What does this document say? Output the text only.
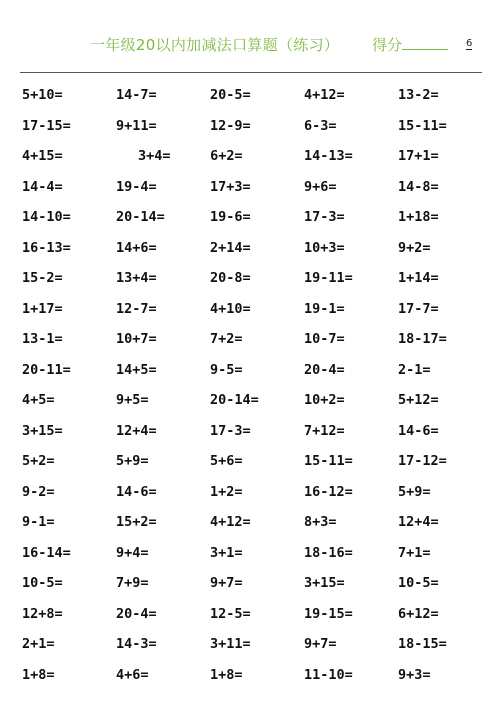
一年级20以内加减法口算题（练习） 得分	6
5+10=	14-7=	20-5=	4+12=	13-2=
17-15=	9+11=	12-9=	6-3=	15-11=
4+15=	3+4=	6+2=	14-13=	17+1=
14-4=	19-4=	17+3=	9+6=	14-8=
14-10=	20-14=	19-6=	17-3=	1+18=
16-13=	14+6=	2+14=	10+3=	9+2=
15-2=	13+4=	20-8=	19-11=	1+14=
1+17=	12-7=	4+10=	19-1=	17-7=
13-1=	10+7=	7+2=	10-7=	18-17=
20-11=	14+5=	9-5=	20-4=	2-1=
4+5=	9+5=	20-14=	10+2=	5+12=
3+15=	12+4=	17-3=	7+12=	14-6=
5+2=	5+9=	5+6=	15-11=	17-12=
9-2=	14-6=	1+2=	16-12=	5+9=
9-1=	15+2=	4+12=	8+3=	12+4=
16-14=	9+4=	3+1=	18-16=	7+1=
10-5=	7+9=	9+7=	3+15=	10-5=
12+8=	20-4=	12-5=	19-15=	6+12=
2+1=	14-3=	3+11=	9+7=	18-15=
1+8=	4+6=	1+8=	11-10=	9+3=
